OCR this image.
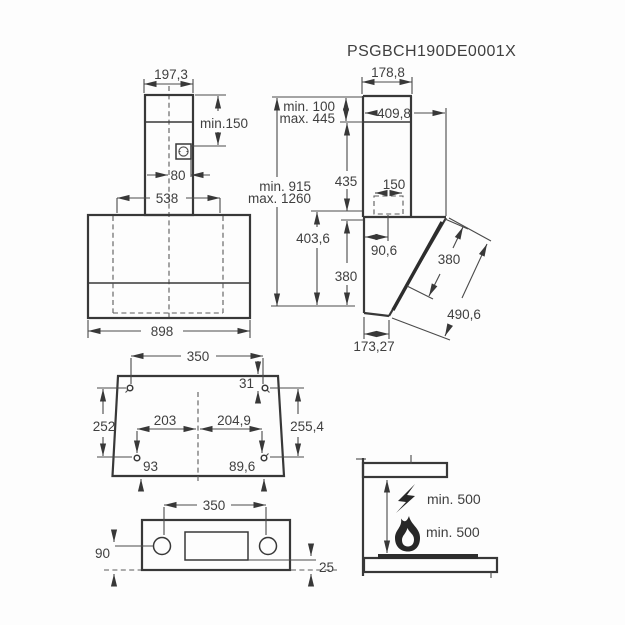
PSGBCH190DE0001X
197,3
min.150
80
538
898
178,8
min. 100
max. 445	409,8
435
min. 915
max. 1260
150
403,6
90,6
380
380
490,6
173,27
350
31
252	255,4
203	204,9
93	89,6
350
90
25
min. 500
min. 500
